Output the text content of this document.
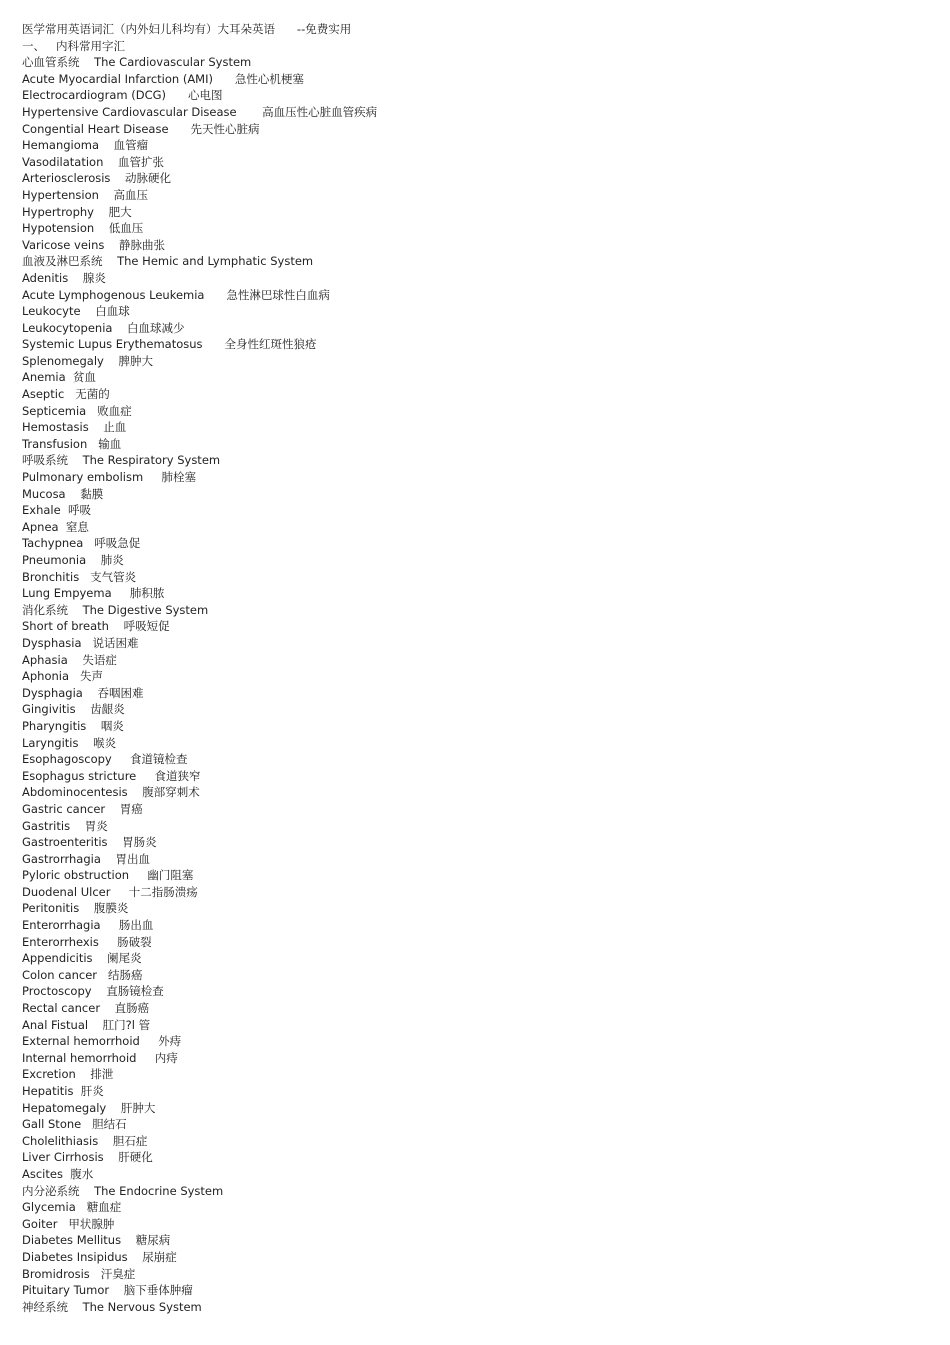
医学常用英语词汇（内外妇儿科均有）大耳朵英语      --免费实用
一、   内科常用字汇
心血管系统    The Cardiovascular System
Acute Myocardial Infarction (AMI)      急性心机梗塞
Electrocardiogram (DCG)      心电图
Hypertensive Cardiovascular Disease       高血压性心脏血管疾病
Congential Heart Disease      先天性心脏病
Hemangioma    血管瘤
Vasodilatation    血管扩张
Arteriosclerosis    动脉硬化
Hypertension    高血压
Hypertrophy    肥大
Hypotension    低血压
Varicose veins    静脉曲张
血液及淋巴系统    The Hemic and Lymphatic System
Adenitis    腺炎
Acute Lymphogenous Leukemia      急性淋巴球性白血病
Leukocyte    白血球
Leukocytopenia    白血球减少
Systemic Lupus Erythematosus      全身性红斑性狼疮
Splenomegaly    脾肿大
Anemia  贫血
Aseptic   无菌的
Septicemia   败血症
Hemostasis    止血
Transfusion   输血
呼吸系统    The Respiratory System
Pulmonary embolism     肺栓塞
Mucosa    黏膜
Exhale  呼吸
Apnea  窒息
Tachypnea   呼吸急促
Pneumonia    肺炎
Bronchitis   支气管炎
Lung Empyema     肺积脓
消化系统    The Digestive System
Short of breath    呼吸短促
Dysphasia   说话困难
Aphasia    失语症
Aphonia   失声
Dysphagia    吞咽困难
Gingivitis    齿龈炎
Pharyngitis    咽炎
Laryngitis    喉炎
Esophagoscopy     食道镜检查
Esophagus stricture     食道狭窄
Abdominocentesis    腹部穿刺术
Gastric cancer    胃癌
Gastritis    胃炎
Gastroenteritis    胃肠炎
Gastrorrhagia    胃出血
Pyloric obstruction     幽门阻塞
Duodenal Ulcer     十二指肠溃疡
Peritonitis    腹膜炎
Enterorrhagia     肠出血
Enterorrhexis     肠破裂
Appendicitis    阑尾炎
Colon cancer   结肠癌
Proctoscopy    直肠镜检查
Rectal cancer    直肠癌
Anal Fistual    肛门?l 管
External hemorrhoid     外痔
Internal hemorrhoid     内痔
Excretion    排泄
Hepatitis  肝炎
Hepatomegaly    肝肿大
Gall Stone   胆结石
Cholelithiasis    胆石症
Liver Cirrhosis    肝硬化
Ascites  腹水
内分泌系统    The Endocrine System
Glycemia   糖血症
Goiter   甲状腺肿
Diabetes Mellitus    糖尿病
Diabetes Insipidus    尿崩症
Bromidrosis   汗臭症
Pituitary Tumor    脑下垂体肿瘤
神经系统    The Nervous System
